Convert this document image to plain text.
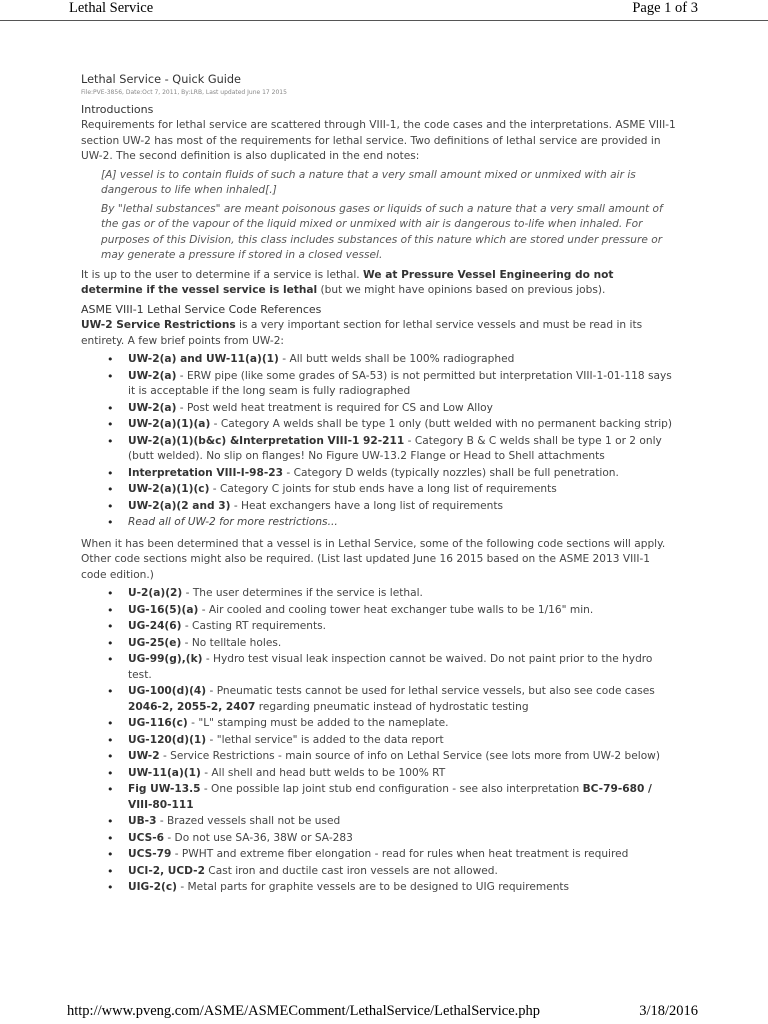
Lethal Service	Page 1 of 3

Lethal Service - Quick Guide

File:PVE-3856, Date:Oct 7, 2011, By:LRB, Last updated June 17 2015

Introductions

Requirements for lethal service are scattered through VIII-1, the code cases and the interpretations. ASME VIII-1 section UW-2 has most of the requirements for lethal service. Two definitions of lethal service are provided in UW-2. The second definition is also duplicated in the end notes:

[A] vessel is to contain fluids of such a nature that a very small amount mixed or unmixed with air is dangerous to life when inhaled[.]

By "lethal substances" are meant poisonous gases or liquids of such a nature that a very small amount of the gas or of the vapour of the liquid mixed or unmixed with air is dangerous to-life when inhaled. For purposes of this Division, this class includes substances of this nature which are stored under pressure or may generate a pressure if stored in a closed vessel.

It is up to the user to determine if a service is lethal. We at Pressure Vessel Engineering do not determine if the vessel service is lethal (but we might have opinions based on previous jobs).

ASME VIII-1 Lethal Service Code References

UW-2 Service Restrictions is a very important section for lethal service vessels and must be read in its entirety. A few brief points from UW-2:

• UW-2(a) and UW-11(a)(1) - All butt welds shall be 100% radiographed
• UW-2(a) - ERW pipe (like some grades of SA-53) is not permitted but interpretation VIII-1-01-118 says it is acceptable if the long seam is fully radiographed
• UW-2(a) - Post weld heat treatment is required for CS and Low Alloy
• UW-2(a)(1)(a) - Category A welds shall be type 1 only (butt welded with no permanent backing strip)
• UW-2(a)(1)(b&c) &Interpretation VIII-1 92-211 - Category B & C welds shall be type 1 or 2 only (butt welded). No slip on flanges! No Figure UW-13.2 Flange or Head to Shell attachments
• Interpretation VIII-I-98-23 - Category D welds (typically nozzles) shall be full penetration.
• UW-2(a)(1)(c) - Category C joints for stub ends have a long list of requirements
• UW-2(a)(2 and 3) - Heat exchangers have a long list of requirements
• Read all of UW-2 for more restrictions...

When it has been determined that a vessel is in Lethal Service, some of the following code sections will apply. Other code sections might also be required. (List last updated June 16 2015 based on the ASME 2013 VIII-1 code edition.)

• U-2(a)(2) - The user determines if the service is lethal.
• UG-16(5)(a) - Air cooled and cooling tower heat exchanger tube walls to be 1/16" min.
• UG-24(6) - Casting RT requirements.
• UG-25(e) - No telltale holes.
• UG-99(g),(k) - Hydro test visual leak inspection cannot be waived. Do not paint prior to the hydro test.
• UG-100(d)(4) - Pneumatic tests cannot be used for lethal service vessels, but also see code cases 2046-2, 2055-2, 2407 regarding pneumatic instead of hydrostatic testing
• UG-116(c) - "L" stamping must be added to the nameplate.
• UG-120(d)(1) - "lethal service" is added to the data report
• UW-2 - Service Restrictions - main source of info on Lethal Service (see lots more from UW-2 below)
• UW-11(a)(1) - All shell and head butt welds to be 100% RT
• Fig UW-13.5 - One possible lap joint stub end configuration - see also interpretation BC-79-680 / VIII-80-111
• UB-3 - Brazed vessels shall not be used
• UCS-6 - Do not use SA-36, 38W or SA-283
• UCS-79 - PWHT and extreme fiber elongation - read for rules when heat treatment is required
• UCI-2, UCD-2 Cast iron and ductile cast iron vessels are not allowed.
• UIG-2(c) - Metal parts for graphite vessels are to be designed to UIG requirements
http://www.pveng.com/ASME/ASMEComment/LethalService/LethalService.php	3/18/2016
